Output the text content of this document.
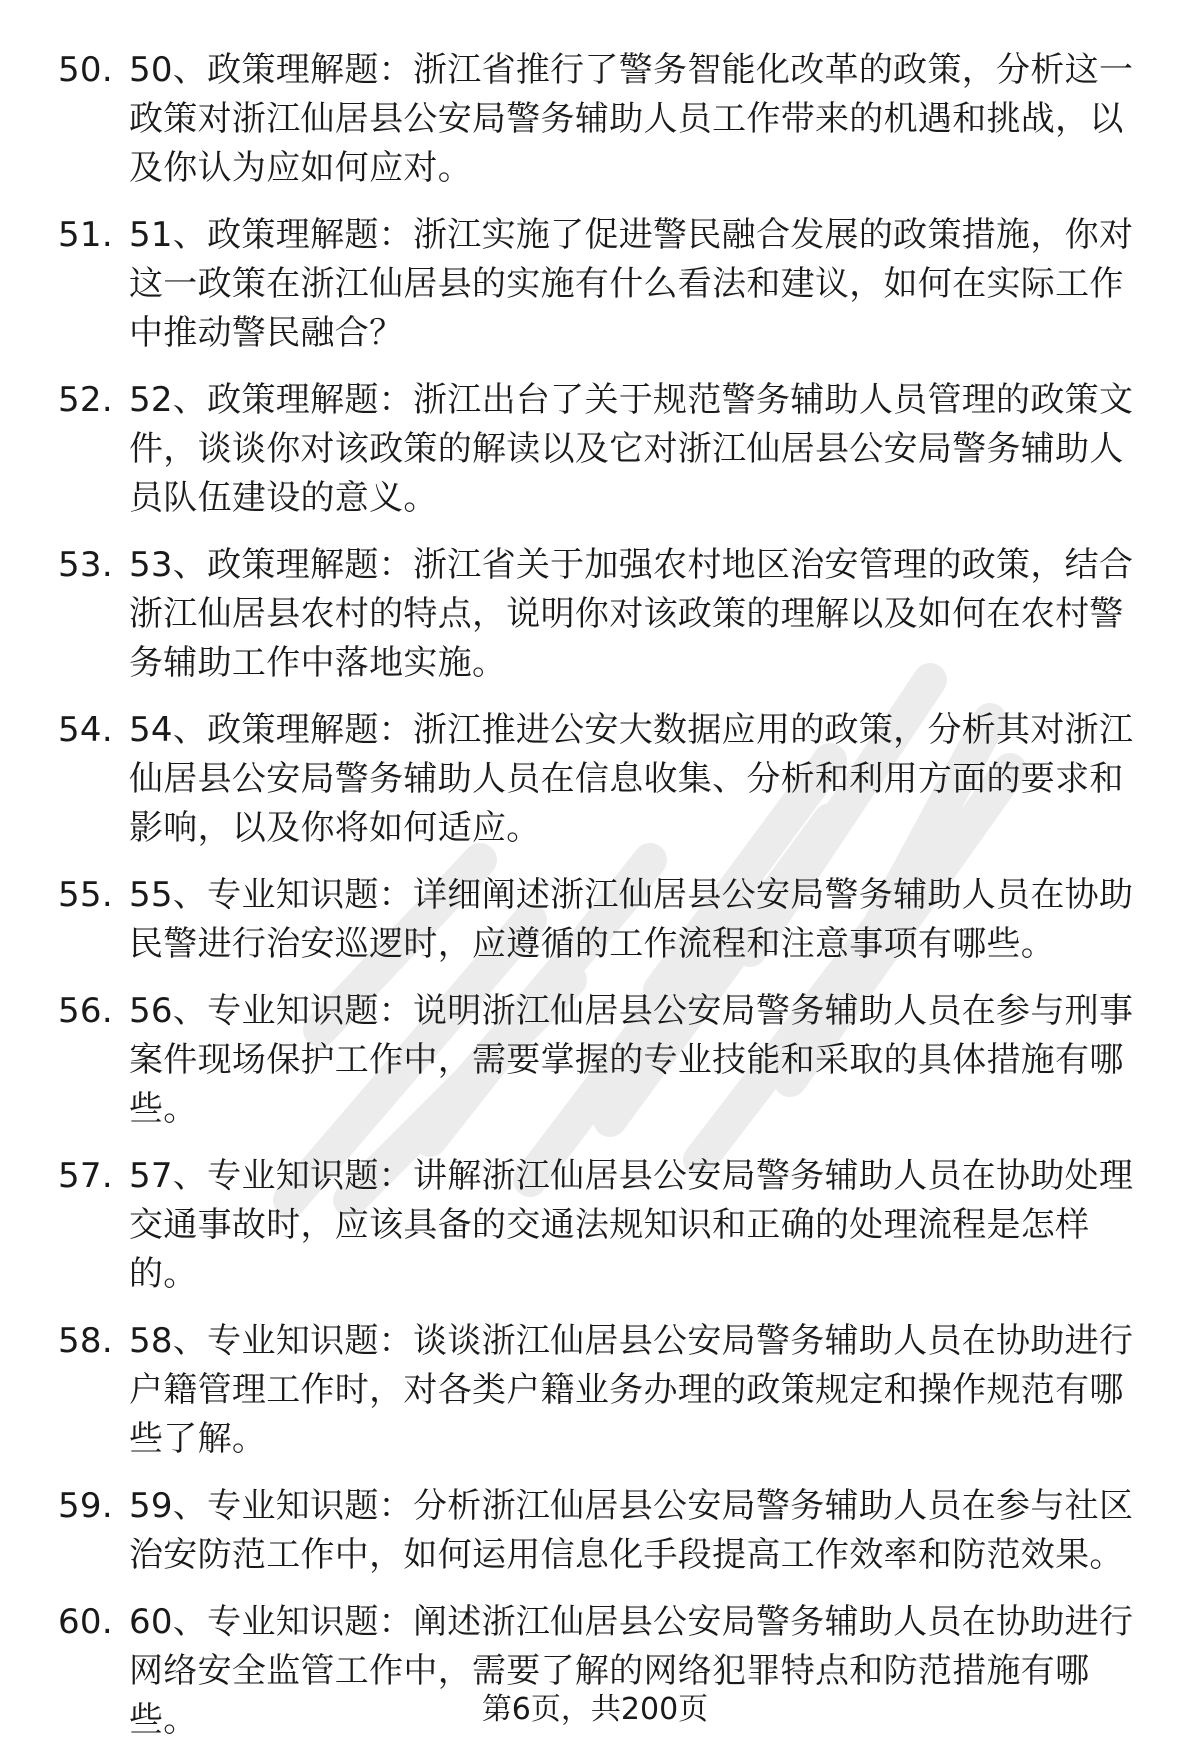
50. 50、政策理解题：浙江省推行了警务智能化改革的政策，分析这一政策对浙江仙居县公安局警务辅助人员工作带来的机遇和挑战，以及你认为应如何应对。
51. 51、政策理解题：浙江实施了促进警民融合发展的政策措施，你对这一政策在浙江仙居县的实施有什么看法和建议，如何在实际工作中推动警民融合？
52. 52、政策理解题：浙江出台了关于规范警务辅助人员管理的政策文件，谈谈你对该政策的解读以及它对浙江仙居县公安局警务辅助人员队伍建设的意义。
53. 53、政策理解题：浙江省关于加强农村地区治安管理的政策，结合浙江仙居县农村的特点，说明你对该政策的理解以及如何在农村警务辅助工作中落地实施。
54. 54、政策理解题：浙江推进公安大数据应用的政策，分析其对浙江仙居县公安局警务辅助人员在信息收集、分析和利用方面的要求和影响，以及你将如何适应。
55. 55、专业知识题：详细阐述浙江仙居县公安局警务辅助人员在协助民警进行治安巡逻时，应遵循的工作流程和注意事项有哪些。
56. 56、专业知识题：说明浙江仙居县公安局警务辅助人员在参与刑事案件现场保护工作中，需要掌握的专业技能和采取的具体措施有哪些。
57. 57、专业知识题：讲解浙江仙居县公安局警务辅助人员在协助处理交通事故时，应该具备的交通法规知识和正确的处理流程是怎样的。
58. 58、专业知识题：谈谈浙江仙居县公安局警务辅助人员在协助进行户籍管理工作时，对各类户籍业务办理的政策规定和操作规范有哪些了解。
59. 59、专业知识题：分析浙江仙居县公安局警务辅助人员在参与社区治安防范工作中，如何运用信息化手段提高工作效率和防范效果。
60. 60、专业知识题：阐述浙江仙居县公安局警务辅助人员在协助进行网络安全监管工作中，需要了解的网络犯罪特点和防范措施有哪些。	第6页，共200页
